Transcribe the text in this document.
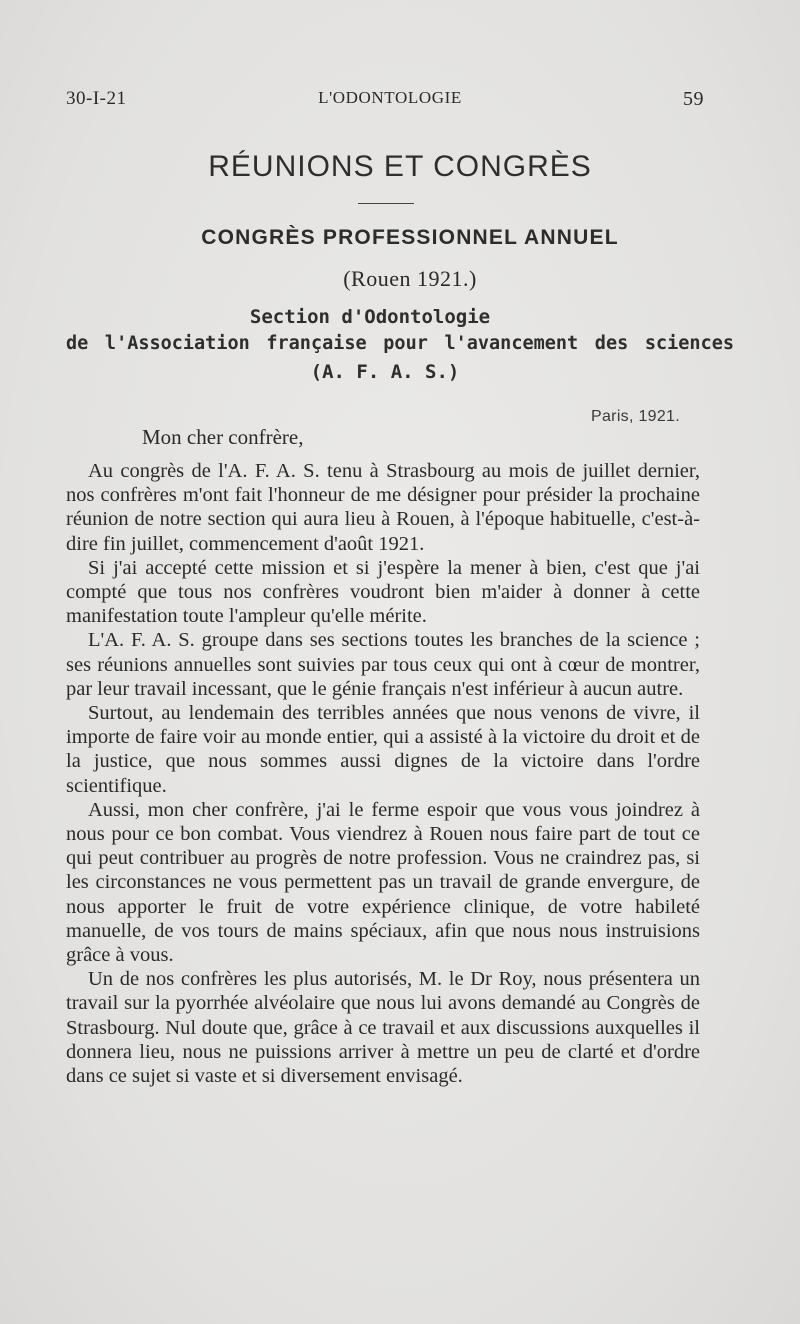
30-I-21	L'ODONTOLOGIE	59
RÉUNIONS ET CONGRÈS
CONGRÈS PROFESSIONNEL ANNUEL
(Rouen 1921.)
Section d'Odontologie
de l'Association française pour l'avancement des sciences
(A. F. A. S.)
Paris, 1921.
Mon cher confrère,

Au congrès de l'A. F. A. S. tenu à Strasbourg au mois de juillet dernier, nos confrères m'ont fait l'honneur de me désigner pour présider la prochaine réunion de notre section qui aura lieu à Rouen, à l'époque habituelle, c'est-à-dire fin juillet, commencement d'août 1921.

Si j'ai accepté cette mission et si j'espère la mener à bien, c'est que j'ai compté que tous nos confrères voudront bien m'aider à donner à cette manifestation toute l'ampleur qu'elle mérite.

L'A. F. A. S. groupe dans ses sections toutes les branches de la science ; ses réunions annuelles sont suivies par tous ceux qui ont à cœur de montrer, par leur travail incessant, que le génie français n'est inférieur à aucun autre.

Surtout, au lendemain des terribles années que nous venons de vivre, il importe de faire voir au monde entier, qui a assisté à la victoire du droit et de la justice, que nous sommes aussi dignes de la victoire dans l'ordre scientifique.

Aussi, mon cher confrère, j'ai le ferme espoir que vous vous joindrez à nous pour ce bon combat. Vous viendrez à Rouen nous faire part de tout ce qui peut contribuer au progrès de notre profession. Vous ne craindrez pas, si les circonstances ne vous permettent pas un travail de grande envergure, de nous apporter le fruit de votre expérience clinique, de votre habileté manuelle, de vos tours de mains spéciaux, afin que nous nous instruisions grâce à vous.

Un de nos confrères les plus autorisés, M. le Dr Roy, nous présentera un travail sur la pyorrhée alvéolaire que nous lui avons demandé au Congrès de Strasbourg. Nul doute que, grâce à ce travail et aux discussions auxquelles il donnera lieu, nous ne puissions arriver à mettre un peu de clarté et d'ordre dans ce sujet si vaste et si diversement envisagé.
